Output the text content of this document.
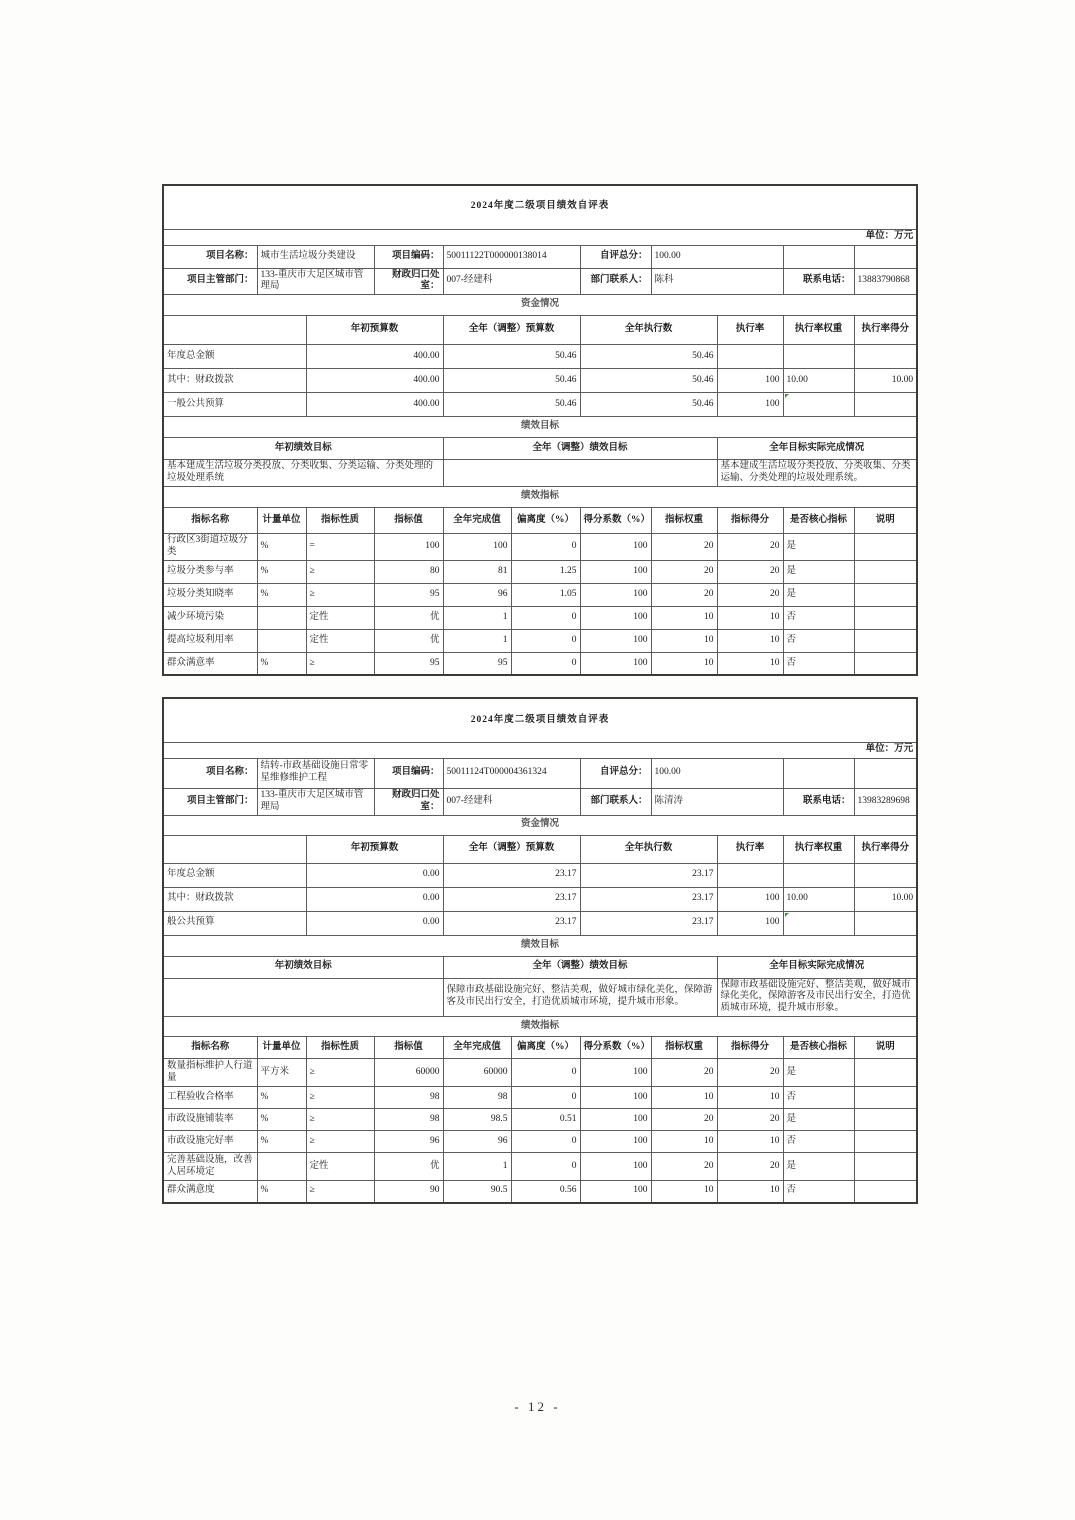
2024年度二级项目绩效自评表										
单位：万元										
项目名称：	城市生活垃圾分类建设		项目编码：	50011122T000000138014		自评总分：	100.00			
项目主管部门：	133-重庆市大足区城市管理局		财政归口处室：	007-经建科		部门联系人：	陈科		联系电话：	13883790868
资金情况										
		年初预算数		全年（调整）预算数		全年执行数		执行率	执行率权重	执行率得分
年度总金额		400.00		50.46		50.46				
其中：财政拨款		400.00		50.46		50.46		100	10.00	10.00
一般公共预算		400.00		50.46		50.46		100		
绩效目标										
年初绩效目标				全年（调整）绩效目标				全年目标实际完成情况		
基本建成生活垃圾分类投放、分类收集、分类运输、分类处理的垃圾处理系统								基本建成生活垃圾分类投放、分类收集、分类运输、分类处理的垃圾处理系统。		
绩效指标										
指标名称	计量单位	指标性质	指标值	全年完成值	偏离度（%）	得分系数（%）	指标权重	指标得分	是否核心指标	说明
行政区3街道垃圾分类	%	=	100	100	0	100	20	20	是	
垃圾分类参与率	%	≥	80	81	1.25	100	20	20	是	
垃圾分类知晓率	%	≥	95	96	1.05	100	20	20	是	
减少环境污染		定性	优	1	0	100	10	10	否	
提高垃圾利用率		定性	优	1	0	100	10	10	否	
群众满意率	%	≥	95	95	0	100	10	10	否	
2024年度二级项目绩效自评表										
单位：万元										
项目名称：	结转-市政基础设施日常零星维修维护工程		项目编码：	50011124T000004361324		自评总分：	100.00			
项目主管部门：	133-重庆市大足区城市管理局		财政归口处室：	007-经建科		部门联系人：	陈清涛		联系电话：	13983289698
资金情况										
		年初预算数		全年（调整）预算数		全年执行数		执行率	执行率权重	执行率得分
年度总金额		0.00		23.17		23.17				
其中：财政拨款		0.00		23.17		23.17		100	10.00	10.00
般公共预算		0.00		23.17		23.17		100		
绩效目标										
年初绩效目标				全年（调整）绩效目标				全年目标实际完成情况		
				保障市政基础设施完好、整洁美观，做好城市绿化美化，保障游客及市民出行安全，打造优质城市环境，提升城市形象。				保障市政基础设施完好、整洁美观，做好城市绿化美化，保障游客及市民出行安全，打造优质城市环境，提升城市形象。		
绩效指标										
指标名称	计量单位	指标性质	指标值	全年完成值	偏离度（%）	得分系数（%）	指标权重	指标得分	是否核心指标	说明
数量指标维护人行道量	平方米	≥	60000	60000	0	100	20	20	是	
工程验收合格率	%	≥	98	98	0	100	10	10	否	
市政设施铺装率	%	≥	98	98.5	0.51	100	20	20	是	
市政设施完好率	%	≥	96	96	0	100	10	10	否	
完善基础设施，改善人居环境定		定性	优	1	0	100	20	20	是	
群众满意度	%	≥	90	90.5	0.56	100	10	10	否	
- 12 -
